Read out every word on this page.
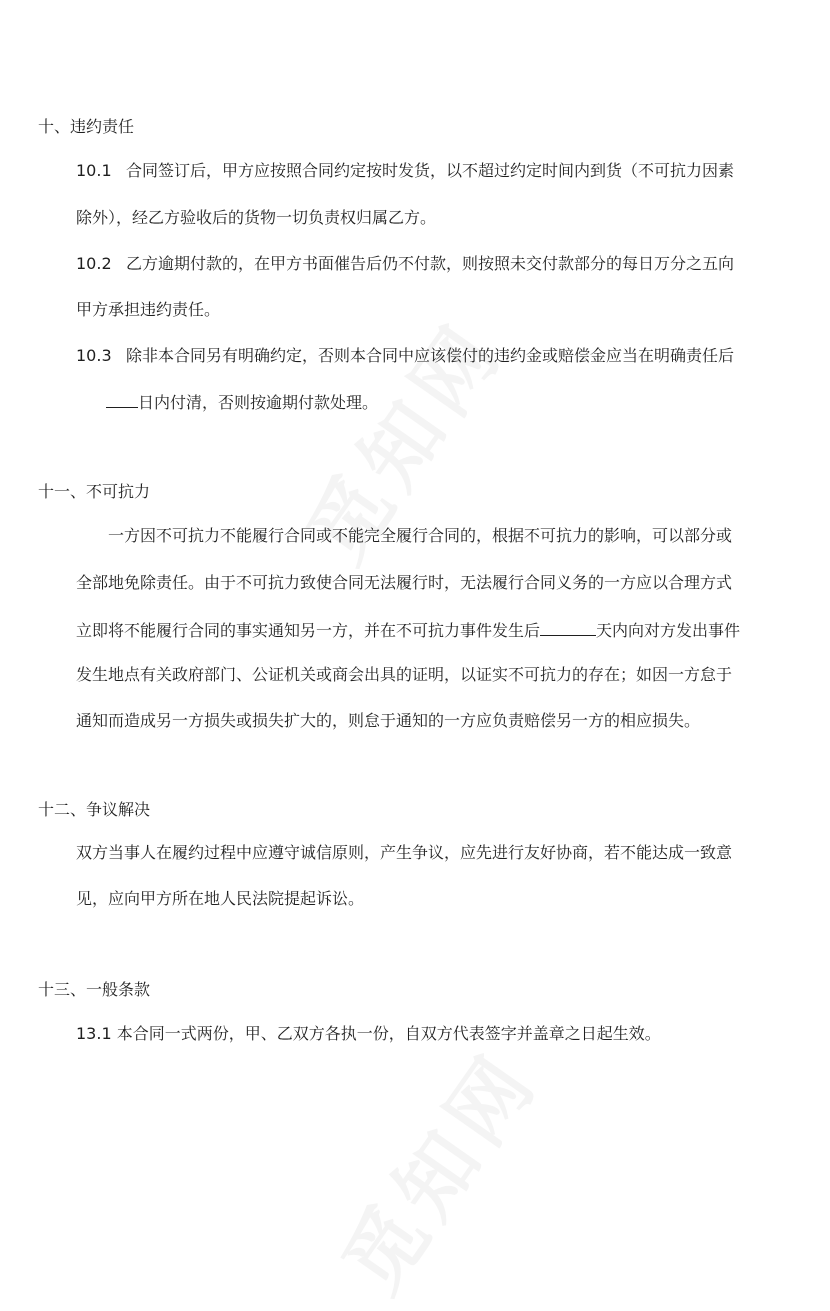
十、违约责任
10.1 合同签订后，甲方应按照合同约定按时发货，以不超过约定时间内到货（不可抗力因素
除外），经乙方验收后的货物一切负责权归属乙方。
10.2 乙方逾期付款的，在甲方书面催告后仍不付款，则按照未交付款部分的每日万分之五向
甲方承担违约责任。
10.3 除非本合同另有明确约定，否则本合同中应该偿付的违约金或赔偿金应当在明确责任后
日内付清，否则按逾期付款处理。
十一、不可抗力
一方因不可抗力不能履行合同或不能完全履行合同的，根据不可抗力的影响，可以部分或
全部地免除责任。由于不可抗力致使合同无法履行时，无法履行合同义务的一方应以合理方式
立即将不能履行合同的事实通知另一方，并在不可抗力事件发生后	天内向对方发出事件
发生地点有关政府部门、公证机关或商会出具的证明，以证实不可抗力的存在；如因一方怠于
通知而造成另一方损失或损失扩大的，则怠于通知的一方应负责赔偿另一方的相应损失。
十二、争议解决
双方当事人在履约过程中应遵守诚信原则，产生争议，应先进行友好协商，若不能达成一致意
见，应向甲方所在地人民法院提起诉讼。
十三、一般条款
13.1 本合同一式两份，甲、乙双方各执一份，自双方代表签字并盖章之日起生效。
